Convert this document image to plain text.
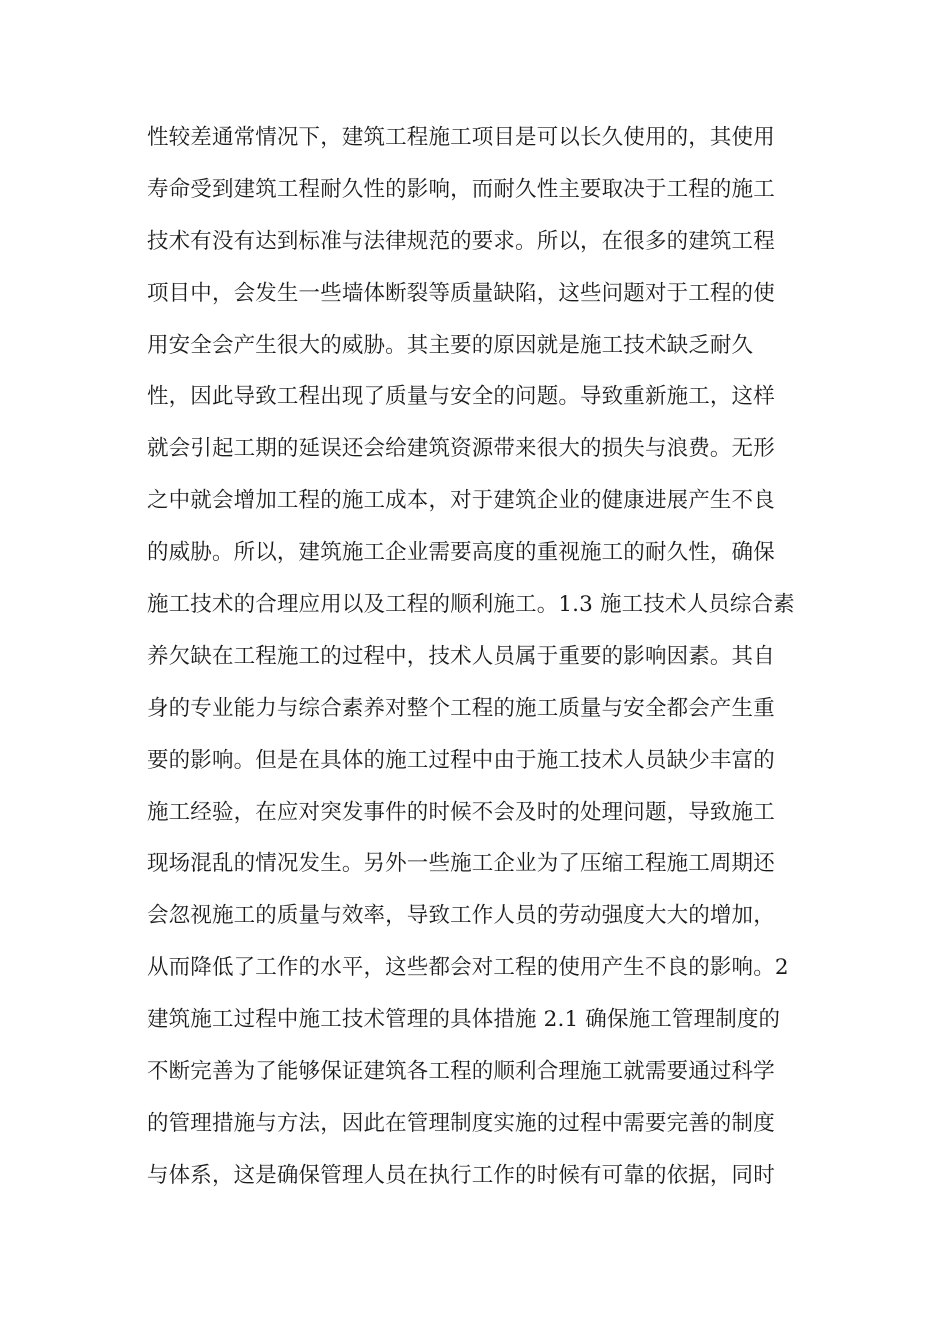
性较差通常情况下，建筑工程施工项目是可以长久使用的，其使用
寿命受到建筑工程耐久性的影响，而耐久性主要取决于工程的施工
技术有没有达到标准与法律规范的要求。所以，在很多的建筑工程
项目中，会发生一些墙体断裂等质量缺陷，这些问题对于工程的使
用安全会产生很大的威胁。其主要的原因就是施工技术缺乏耐久
性，因此导致工程出现了质量与安全的问题。导致重新施工，这样
就会引起工期的延误还会给建筑资源带来很大的损失与浪费。无形
之中就会增加工程的施工成本，对于建筑企业的健康进展产生不良
的威胁。所以，建筑施工企业需要高度的重视施工的耐久性，确保
施工技术的合理应用以及工程的顺利施工。1.3 施工技术人员综合素
养欠缺在工程施工的过程中，技术人员属于重要的影响因素。其自
身的专业能力与综合素养对整个工程的施工质量与安全都会产生重
要的影响。但是在具体的施工过程中由于施工技术人员缺少丰富的
施工经验，在应对突发事件的时候不会及时的处理问题，导致施工
现场混乱的情况发生。另外一些施工企业为了压缩工程施工周期还
会忽视施工的质量与效率，导致工作人员的劳动强度大大的增加，
从而降低了工作的水平，这些都会对工程的使用产生不良的影响。2
建筑施工过程中施工技术管理的具体措施 2.1 确保施工管理制度的
不断完善为了能够保证建筑各工程的顺利合理施工就需要通过科学
的管理措施与方法，因此在管理制度实施的过程中需要完善的制度
与体系，这是确保管理人员在执行工作的时候有可靠的依据，同时
